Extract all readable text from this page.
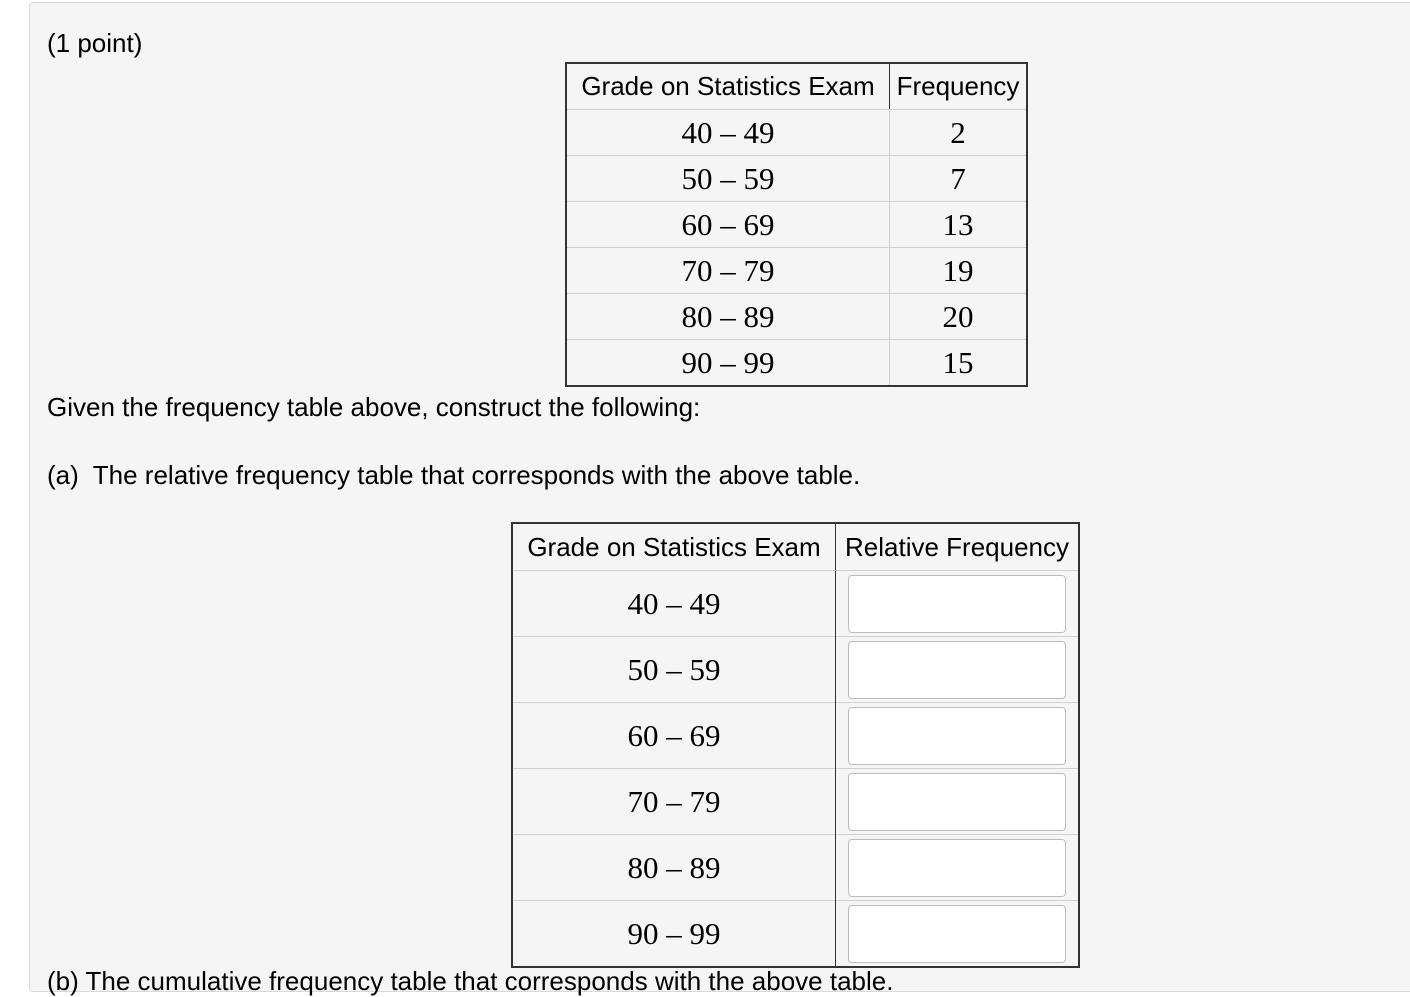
(1 point)
Grade on Statistics Exam	Frequency
40 – 49	2
50 – 59	7
60 – 69	13
70 – 79	19
80 – 89	20
90 – 99	15
Given the frequency table above, construct the following:
(a) The relative frequency table that corresponds with the above table.
Grade on Statistics Exam	Relative Frequency
40 – 49	

50 – 59	

60 – 69	

70 – 79	

80 – 89	

90 – 99	
(b) The cumulative frequency table that corresponds with the above table.
